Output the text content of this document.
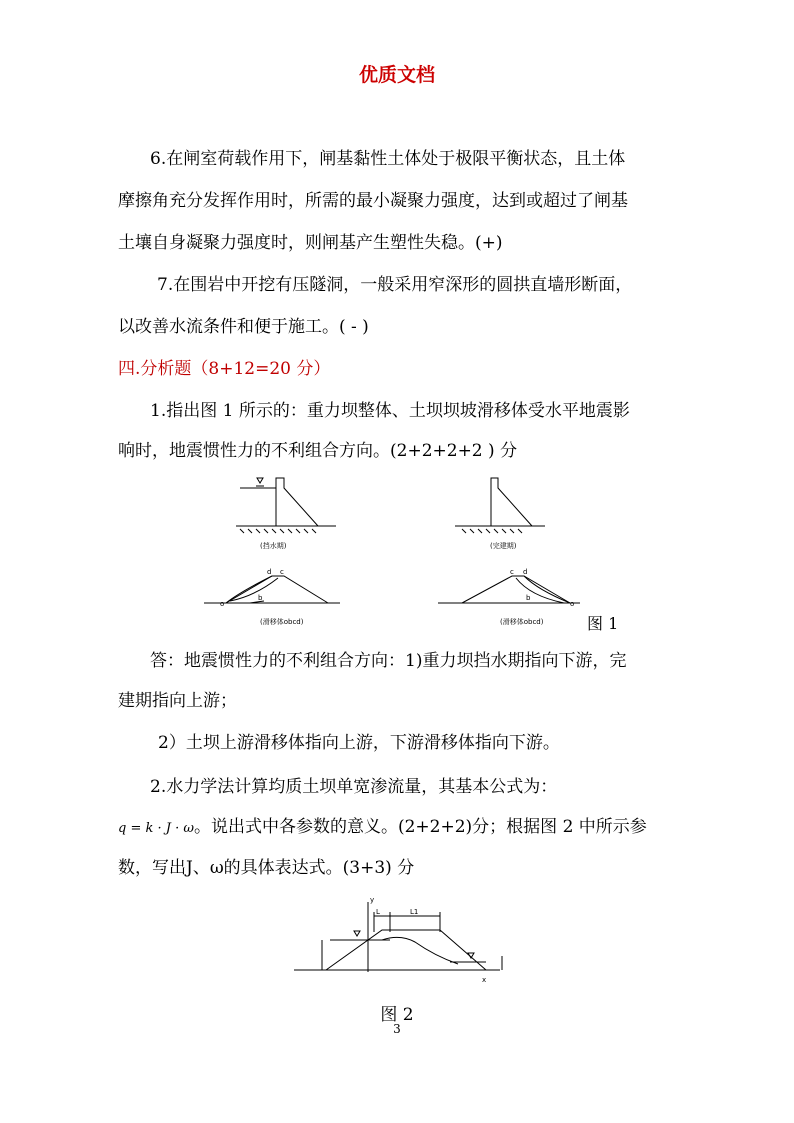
优质文档
6.在闸室荷载作用下，闸基黏性土体处于极限平衡状态，且土体
摩擦角充分发挥作用时，所需的最小凝聚力强度，达到或超过了闸基
土壤自身凝聚力强度时，则闸基产生塑性失稳。(+)
7.在围岩中开挖有压隧洞，一般采用窄深形的圆拱直墙形断面，
以改善水流条件和便于施工。( - )
四.分析题（8+12=20 分）
1.指出图 1 所示的：重力坝整体、土坝坝坡滑移体受水平地震影
响时，地震惯性力的不利组合方向。(2+2+2+2 ) 分
(挡水期)	(完建期)
o
b
d c
(滑移体obcd)
c d
b
o
(滑移体obcd)	图 1
答：地震惯性力的不利组合方向：1)重力坝挡水期指向下游，完
建期指向上游；
2）土坝上游滑移体指向上游，下游滑移体指向下游。
2.水力学法计算均质土坝单宽渗流量，其基本公式为：
q = k · J · ω。说出式中各参数的意义。(2+2+2)分；根据图 2 中所示参
数，写出J、ω的具体表达式。(3+3) 分
y
x
L	L1
图 2
3
